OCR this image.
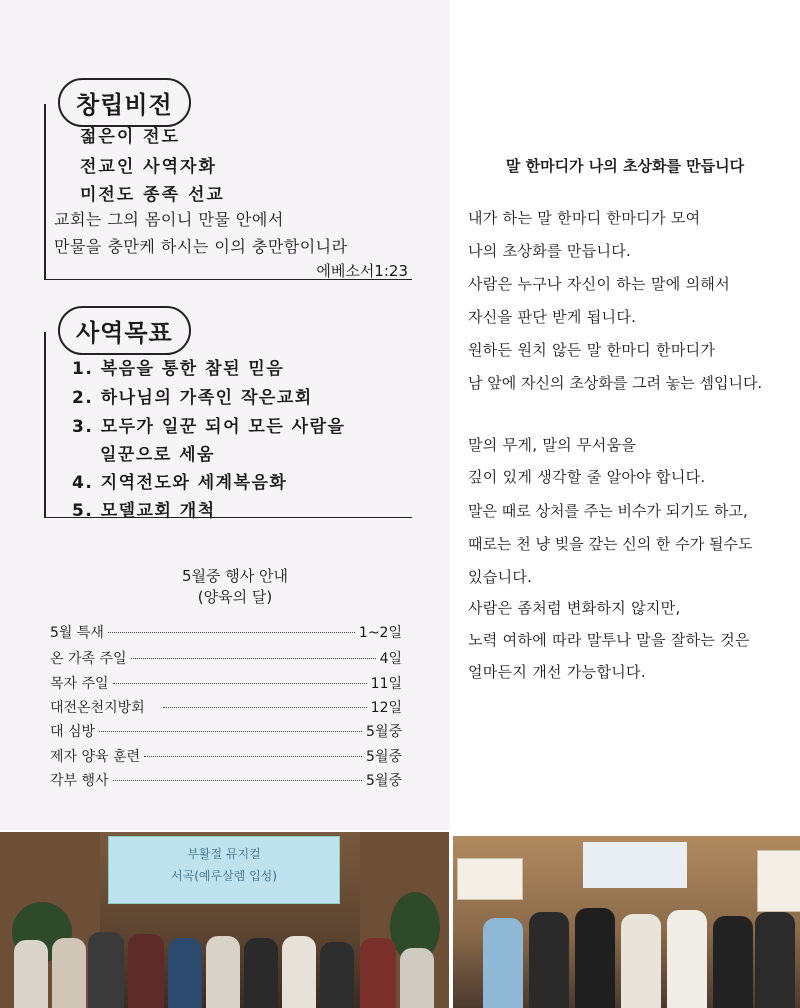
창립비전
젊은이 전도
전교인 사역자화
미전도 종족 선교
교회는 그의 몸이니 만물 안에서
만물을 충만케 하시는 이의 충만함이니라
에베소서1:23
사역목표
1. 복음을 통한 참된 믿음
2. 하나님의 가족인 작은교회
3. 모두가 일꾼 되어 모든 사람을
일꾼으로 세움
4. 지역전도와 세계복음화
5. 모델교회 개척
5월중 행사 안내
(양육의 달)
5월 특새	1~2일
온 가족 주일	4일
목자 주일	11일
대전온천지방회	12일
대 심방	5월중
제자 양육 훈련	5월중
각부 행사	5월중
말 한마디가 나의 초상화를 만듭니다
내가 하는 말 한마디 한마디가 모여
나의 초상화를 만듭니다.
사람은 누구나 자신이 하는 말에 의해서
자신을 판단 받게 됩니다.
원하든 원치 않든 말 한마디 한마디가
남 앞에 자신의 초상화를 그려 놓는 셈입니다.
말의 무게, 말의 무서움을
깊이 있게 생각할 줄 알아야 합니다.
말은 때로 상처를 주는 비수가 되기도 하고,
때로는 천 냥 빚을 갚는 신의 한 수가 될수도
있습니다.
사람은 좀처럼 변화하지 않지만,
노력 여하에 따라 말투나 말을 잘하는 것은
얼마든지 개선 가능합니다.
부활절 뮤지컬
서곡(예루살렘 입성)
